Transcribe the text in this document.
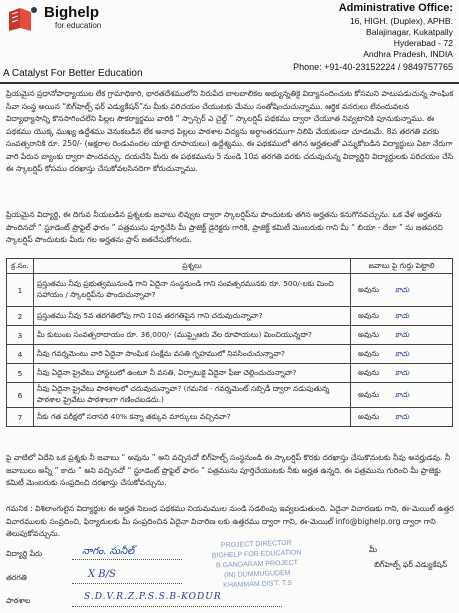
Bighelp
for education
A Catalyst For Better Education
Administrative Office:
16, HIGH. (Duplex), APHB.
Balajinagar, Kukatpally
Hyderabad - 72
Andhra Pradesh, INDIA
Phone: +91-40-23152224 / 9849757765

ప్రియమైన ప్రధానోపాధ్యాయుల లేక గ్రామాధికారి, భారతదేశములోని నిరుపేద బాలబాలికల అభ్యున్నతికై విద్యానందించుట కోసమని పాటుపడుచున్న సాంఘిక సేవా సంస్థ అయిన “బిగ్‌హెల్ప్ ఫర్ ఎడ్యుకేషన్”ను మీకు పరిచయం చేయుటకు మేము సంతోషించుచున్నాము. ఆర్థిక వనరులు లేనందువలన విద్యాభ్యాసాన్ని కొనసాగించలేని పిల్లల సౌకర్యార్థము వారికి “ స్పాన్సర్ ఎ చైల్డ్ ” స్కాలర్షిప్ పథకము ద్వారా చేయూత నివ్వటానికి పూనుకున్నాము. ఈ పథకము యొక్క ముఖ్య ఉద్దేశము వెనుకబడిన లేక అనాధ పిల్లలు పాఠశాల విద్యను అర్ధాంతరముగా నిలిపి వేయకుండా చూడటమే. 8వ తరగతి వరకు సంవత్సరానికి రూ. 250/- (అక్షరాల రెండువందల యాభై రూపాయలు) ఉద్దేశ్యము. ఈ పథకములో తగిన అర్హతలతో ఎన్నుకోబడిన విద్యార్థులు ఏటా నేరుగా వారి పేరున బ్యాంకు ద్వారా పొందవచ్చు. దయచేసి మీరు ఈ పథకమును 5 నుండి 10వ తరగతి వరకు చదువుచున్న విద్యార్థిని విద్యార్థులకు పరిచయం చేసి ఈ స్కాలర్షిప్ కోసము దరఖాస్తు చేసుకోవలసినదిగా కోరుచున్నాము.

ప్రియమైన విద్యార్థి, ఈ దిగువ నీయబడిన ప్రశ్నలకు జవాబు లివ్వుట ద్వారా స్కాలర్షిప్‌ను పొందుటకు తగిన అర్హతను కనుగొనవచ్చును. ఒక వేళ అర్హతను పొందినచో “ స్టూడెంట్ ప్రొఫైల్ ఫారం ” పత్రమును పూర్తిచేసి మీ ప్రాజెక్ట్ డైరెక్టరు గారికి, ప్రాజెక్ట్ కమిటీ మెంబరుకు గాని మీ “ బియా - దేబా ” ను జతపరచి స్కాలర్షిప్ పొందుటకు మీరు గల అర్హతను ప్రాస్ జతచేసుకోగలరు.

క్ర.సం.	ప్రశ్నలు	జవాబు పై గుర్తు పెట్టాలి
1	ప్రస్తుతము నీవు ప్రభుత్వమునుండి గాని ఏదైనా సంస్థనుండి గాని సంవత్సరమునకు రూ. 500/-లకు మించి సహాయం / స్కాలర్షిప్‌ను పొందుచున్నావా?	అవును కాదు
2	ప్రస్తుతము నీవు 5వ తరగతిలోపు గాని 10వ తరగతిపైన గాని చదువుచున్నావా?	అవును కాదు
3	మీ కుటుంబ సంవత్సరాదాయం రూ. 36,000/- (ముప్పైఆరు వేల రూపాయలు) మించియున్నదా?	అవును కాదు
4	నీవు గవర్నమెంటు వారి ఏదైనా సాంఘిక సంక్షేమ వసతి గృహములో నివసించుచున్నావా?	అవును కాదు
5	నీవు ఏదైనా ప్రైవేటు హాస్టలులో ఉంటూ నీ వసతి, ఏర్పాటుకై ఏదైనా ఫీజు చెల్లించుచున్నావా?	అవును కాదు
6	నీవు ఏదైనా ప్రైవేటు పాఠశాలలో చదువుచున్నావా? (గమనిక - గవర్నమెంట్ సబ్సిడీ ద్వారా నడుపుతున్న పాఠశాల ప్రైవేటు పాఠశాలగా గణించబడదు.)	అవును కాదు
7	నీకు గత పరీక్షలో సరాసరి 40% కన్నా తక్కువ మార్కులు వచ్చినవా?	అవును కాదు

పై వాటిలో ఏదేని ఒక ప్రశ్నకు నీ జవాబు “ అవును ” అని వచ్చినచో బిగ్‌హెల్ప్ సంస్థనుండి ఈ స్కాలర్షిప్ కొరకు దరఖాస్తు చేసుకొనుటకు నీవు అనర్హుడవు. నీ జవాబులు అన్నీ “ కాదు ” అని వచ్చినచో “ స్టూడెంట్ ప్రొఫైల్ ఫారం ” పత్రమును పూర్తిచేయుటకు నీకు అర్హత ఉన్నది. ఈ పత్రమును గురించి మీ ప్రాజెక్టు కమిటీ మెంబరుకు సంప్రదించి దరఖాస్తు చేసుకోవచ్చును.

గమనిక : విశిలాంగులైన విద్యార్థుల ఈ అర్హత నిబంధ పథకము నియమముల నుండి సడలింపు ఇవ్వబడుతుంది. ఏదైనా విచారణకు గాని, ఈ-మెయిల్ ఉత్తర విచారములకు సంప్రదించి, ఫిర్యాదులకు మీ సంప్రదించిన ఏదైనా విచారిణ లకు ఉత్తరము ద్వారా గాని, ఈ-మెయిల్ info@bighelp.org ద్వారా గాని తెలుపుకోవచ్చును.

విద్యార్థి పేరు	నాగం. సునీల్
తరగతి	X B/S
పాఠశాల	S.D.V.R.Z.P.S.S.B-KODUR
PROJECT DIRECTOR
BIGHELP FOR EDUCATION
B.GANGARAM PROJECT
(IN) DUMMUGUDEM
KHAMMAM DIS'T. T.S
మీ
బిగ్‌హెల్ప్ ఫర్ ఎడ్యుకేషన్
